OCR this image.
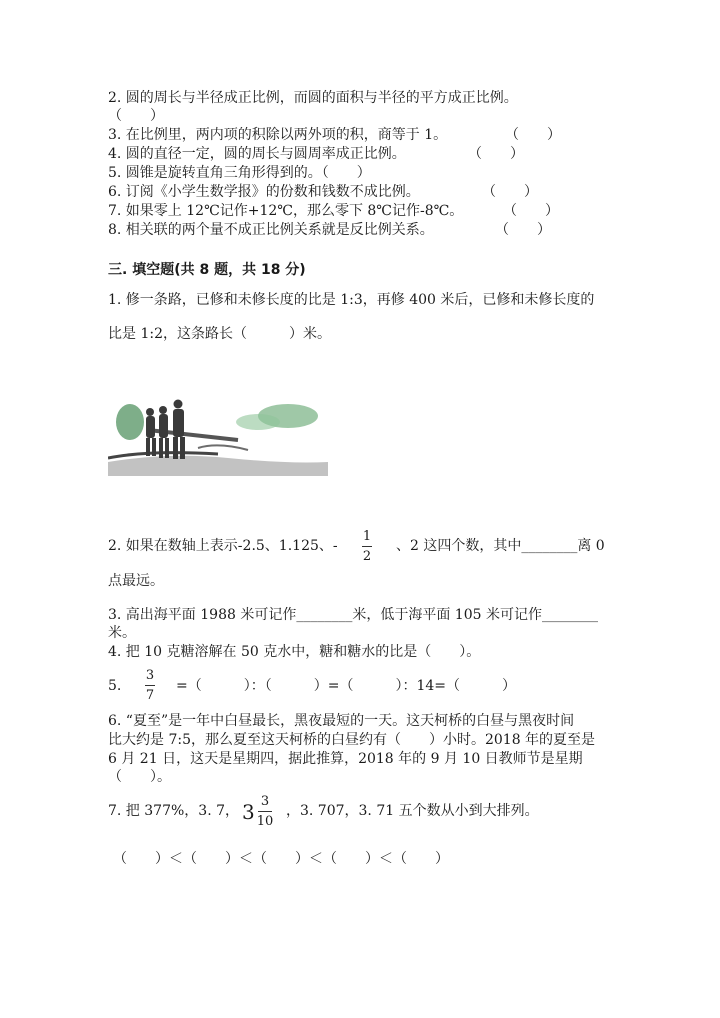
2. 圆的周长与半径成正比例，而圆的面积与半径的平方成正比例。
（　　）
3. 在比例里，两内项的积除以两外项的积，商等于 1。	（　　）
4. 圆的直径一定，圆的周长与圆周率成正比例。	（　　）
5. 圆锥是旋转直角三角形得到的。（　　）
6. 订阅《小学生数学报》的份数和钱数不成比例。	（　　）
7. 如果零上 12℃记作+12℃，那么零下 8℃记作-8℃。	（　　）
8. 相关联的两个量不成正比例关系就是反比例关系。	（　　）
三. 填空题(共 8 题，共 18 分)
1. 修一条路，已修和未修长度的比是 1:3，再修 400 米后，已修和未修长度的
比是 1:2，这条路长（　　　）米。
2. 如果在数轴上表示-2.5、1.125、-
1
2
、2 这四个数，其中________离 0
点最远。
3. 高出海平面 1988 米可记作________米，低于海平面 105 米可记作________
米。
4. 把 10 克糖溶解在 50 克水中，糖和糖水的比是（　　）。
5.
3
7
=（　　　）：（　　　）=（　　　）：14=（　　　）
6. “夏至”是一年中白昼最长，黑夜最短的一天。这天柯桥的白昼与黑夜时间
比大约是 7:5，那么夏至这天柯桥的白昼约有（　　）小时。2018 年的夏至是
6 月 21 日，这天是星期四，据此推算，2018 年的 9 月 10 日教师节是星期
（　　）。
7. 把 377%，3. 7， $3 \frac{3}{10}$ ，3. 707，3. 71 五个数从小到大排列。
（　　）＜（　　）＜（　　）＜（　　）＜（　　）
